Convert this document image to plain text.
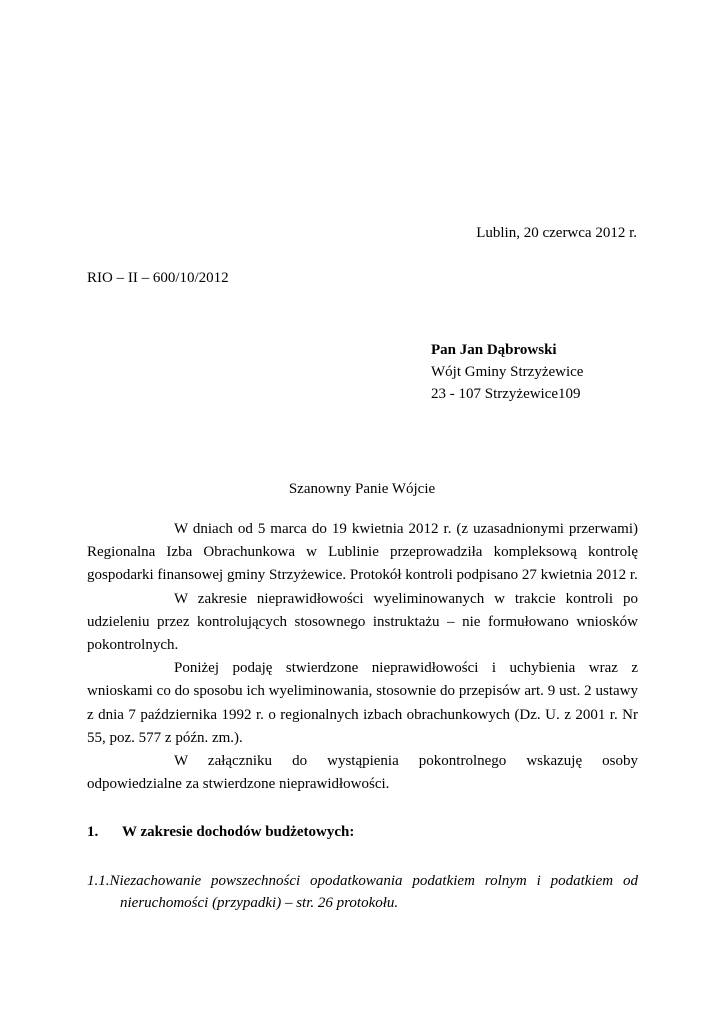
Lublin, 20 czerwca 2012 r.
RIO – II – 600/10/2012
Pan Jan Dąbrowski
Wójt Gminy Strzyżewice
23 - 107 Strzyżewice109
Szanowny Panie Wójcie

W dniach od 5 marca do 19 kwietnia 2012 r. (z uzasadnionymi przerwami) Regionalna Izba Obrachunkowa w Lublinie przeprowadziła kompleksową kontrolę gospodarki finansowej gminy Strzyżewice. Protokół kontroli podpisano 27 kwietnia 2012 r.

W zakresie nieprawidłowości wyeliminowanych w trakcie kontroli po udzieleniu przez kontrolujących stosownego instruktażu – nie formułowano wniosków pokontrolnych.

Poniżej podaję stwierdzone nieprawidłowości i uchybienia wraz z wnioskami co do sposobu ich wyeliminowania, stosownie do przepisów art. 9 ust. 2 ustawy z dnia 7 października 1992 r. o regionalnych izbach obrachunkowych (Dz. U. z 2001 r. Nr 55, poz. 577 z późn. zm.).

W załączniku do wystąpienia pokontrolnego wskazuję osoby odpowiedzialne za stwierdzone nieprawidłowości.

1. W zakresie dochodów budżetowych:
1.1.Niezachowanie powszechności opodatkowania podatkiem rolnym i podatkiem od nieruchomości (przypadki) – str. 26 protokołu.
